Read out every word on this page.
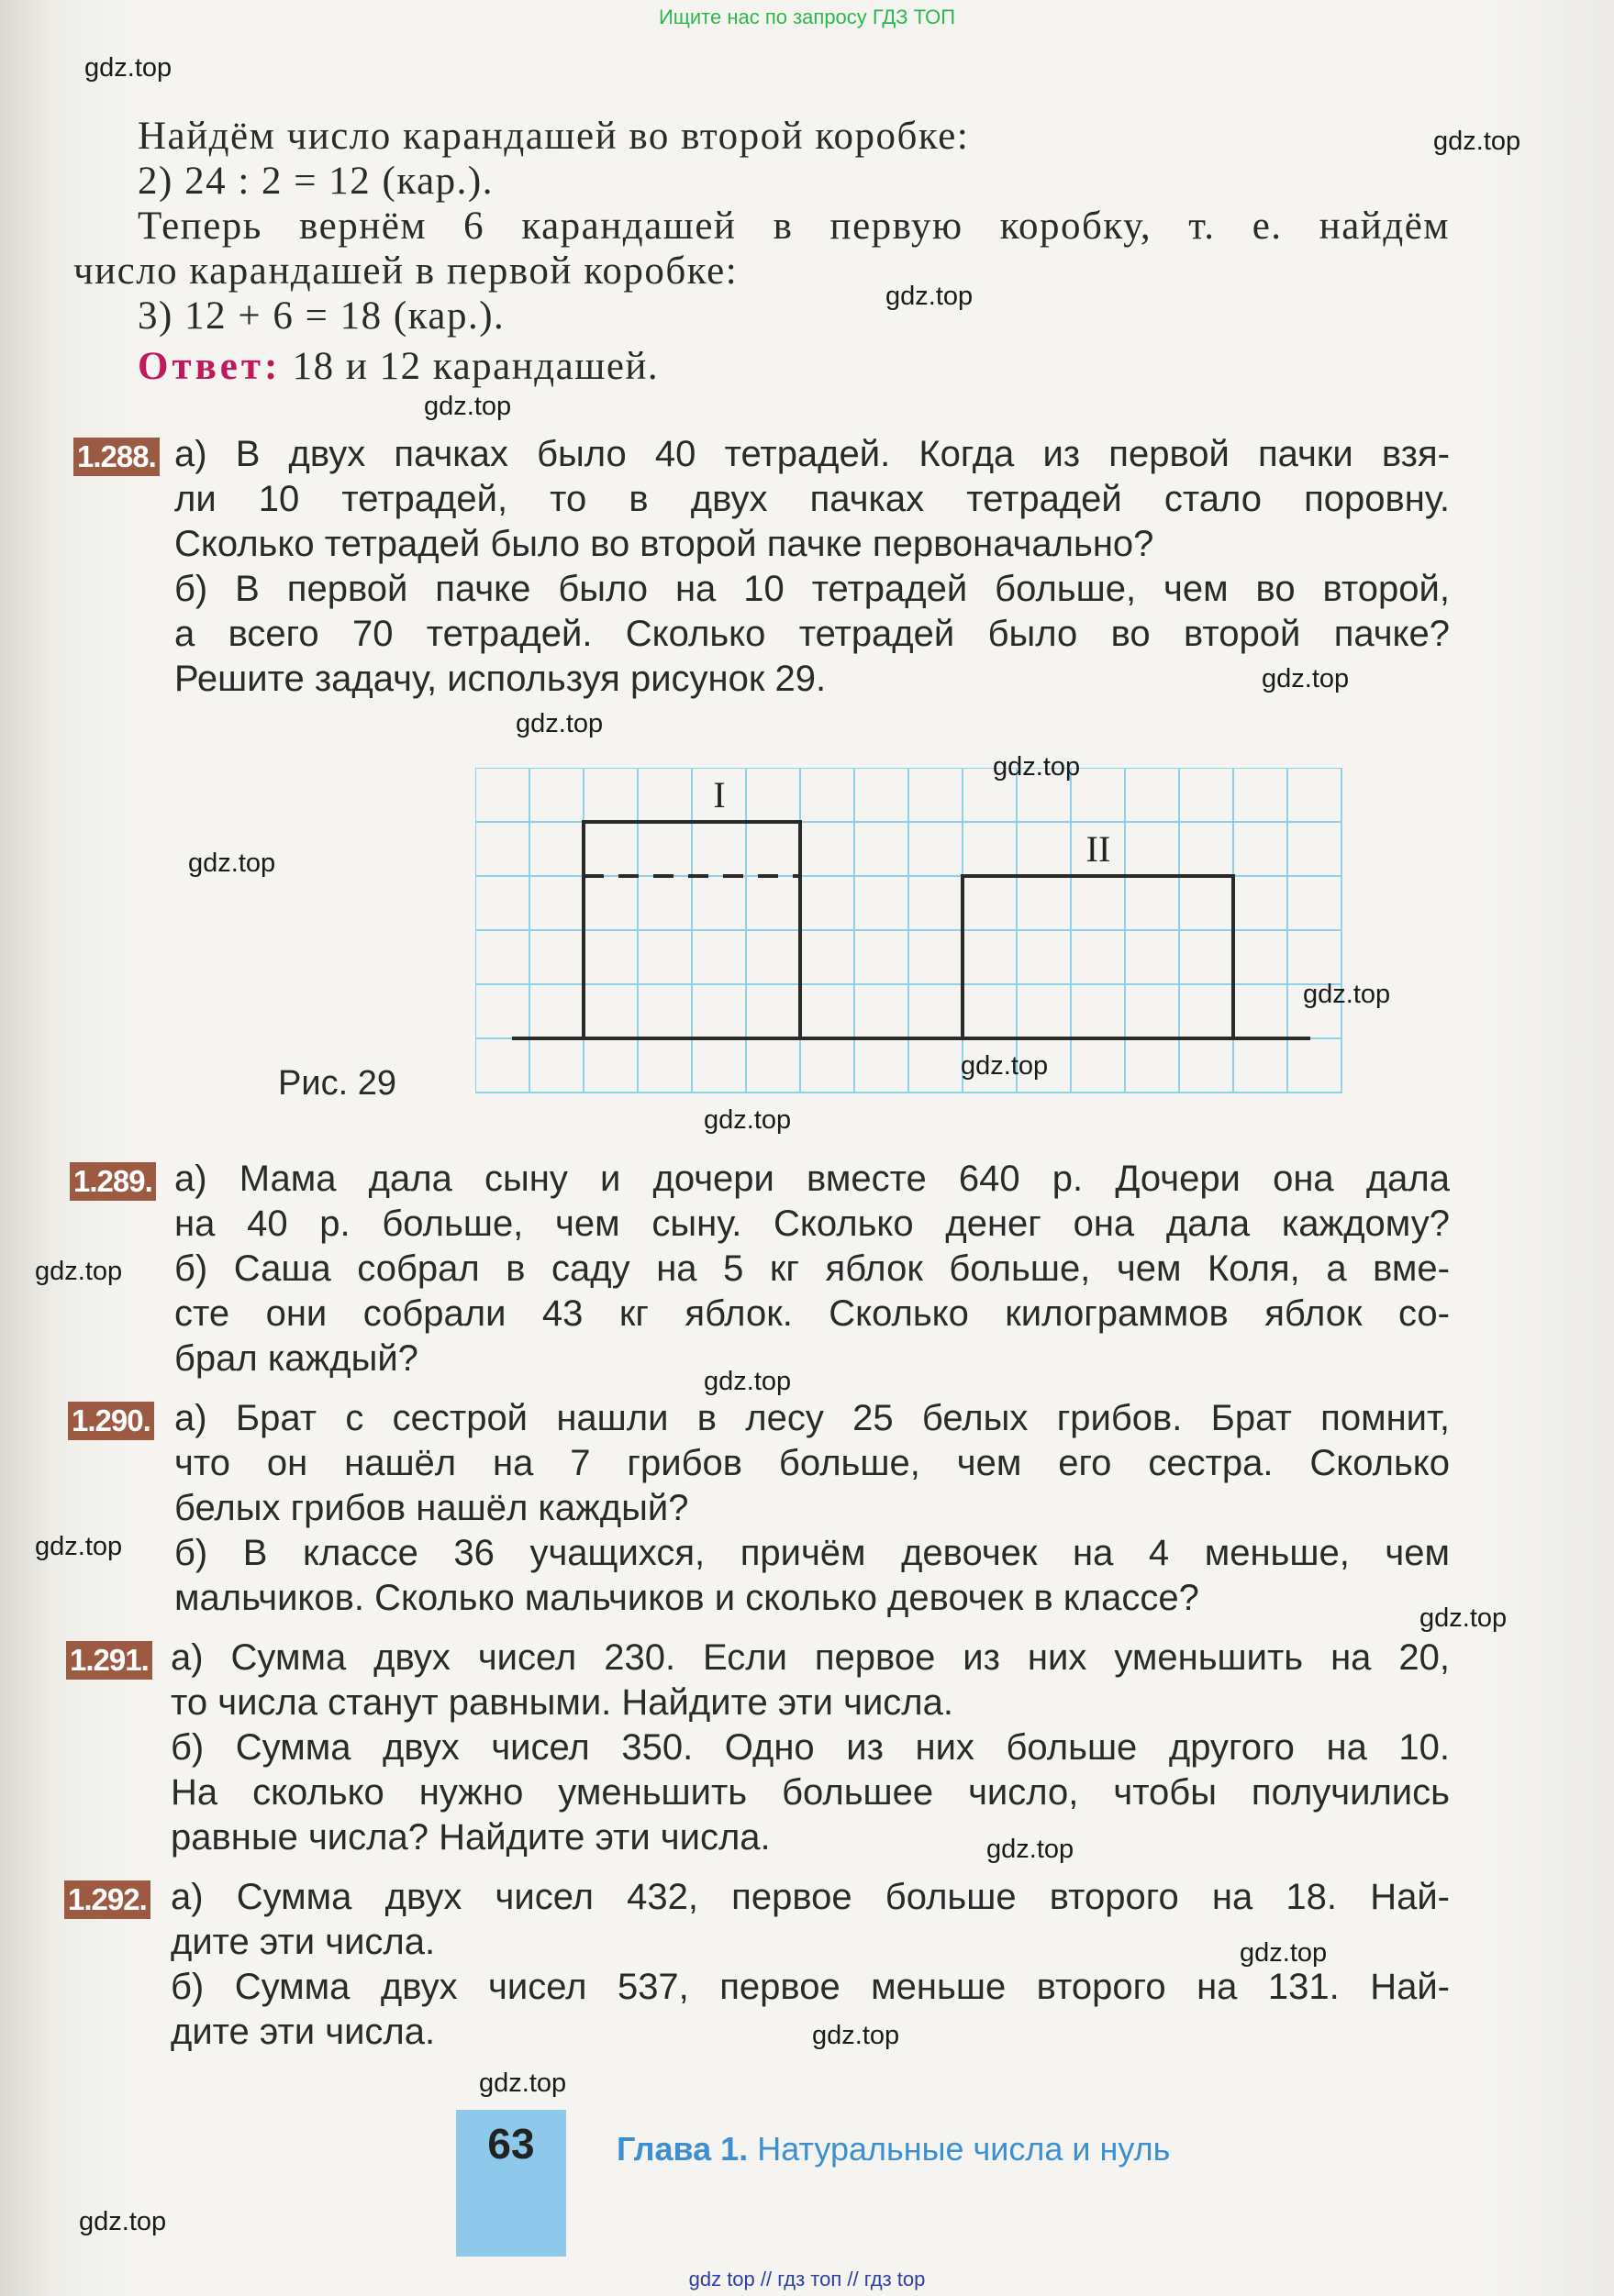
Ищите нас по запросу ГДЗ ТОП
Найдём число карандашей во второй коробке:
2) 24 : 2 = 12 (кар.).
Теперь вернём 6 карандашей в первую коробку, т. е. найдём
число карандашей в первой коробке:
3) 12 + 6 = 18 (кар.).
Ответ: 18 и 12 карандашей.
1.288. а) В двух пачках было 40 тетрадей. Когда из первой пачки взя-
ли 10 тетрадей, то в двух пачках тетрадей стало поровну.
Сколько тетрадей было во второй пачке первоначально?
б) В первой пачке было на 10 тетрадей больше, чем во второй,
а всего 70 тетрадей. Сколько тетрадей было во второй пачке?
Решите задачу, используя рисунок 29.
I
II
Рис. 29
1.289. а) Мама дала сыну и дочери вместе 640 р. Дочери она дала
на 40 р. больше, чем сыну. Сколько денег она дала каждому?
б) Саша собрал в саду на 5 кг яблок больше, чем Коля, а вме-
сте они собрали 43 кг яблок. Сколько килограммов яблок со-
брал каждый?
1.290. а) Брат с сестрой нашли в лесу 25 белых грибов. Брат помнит,
что он нашёл на 7 грибов больше, чем его сестра. Сколько
белых грибов нашёл каждый?
б) В классе 36 учащихся, причём девочек на 4 меньше, чем
мальчиков. Сколько мальчиков и сколько девочек в классе?
1.291. а) Сумма двух чисел 230. Если первое из них уменьшить на 20,
то числа станут равными. Найдите эти числа.
б) Сумма двух чисел 350. Одно из них больше другого на 10.
На сколько нужно уменьшить большее число, чтобы получились
равные числа? Найдите эти числа.
1.292. а) Сумма двух чисел 432, первое больше второго на 18. Най-
дите эти числа.
б) Сумма двух чисел 537, первое меньше второго на 131. Най-
дите эти числа.
63	Глава 1. Натуральные числа и нуль
gdz.top
gdz.top
gdz.top
gdz.top
gdz.top
gdz.top
gdz.top
gdz.top
gdz.top
gdz.top
gdz.top
gdz.top
gdz.top
gdz.top
gdz.top
gdz.top
gdz.top
gdz.top
gdz.top
gdz.top
gdz top // гдз топ // гдз top
